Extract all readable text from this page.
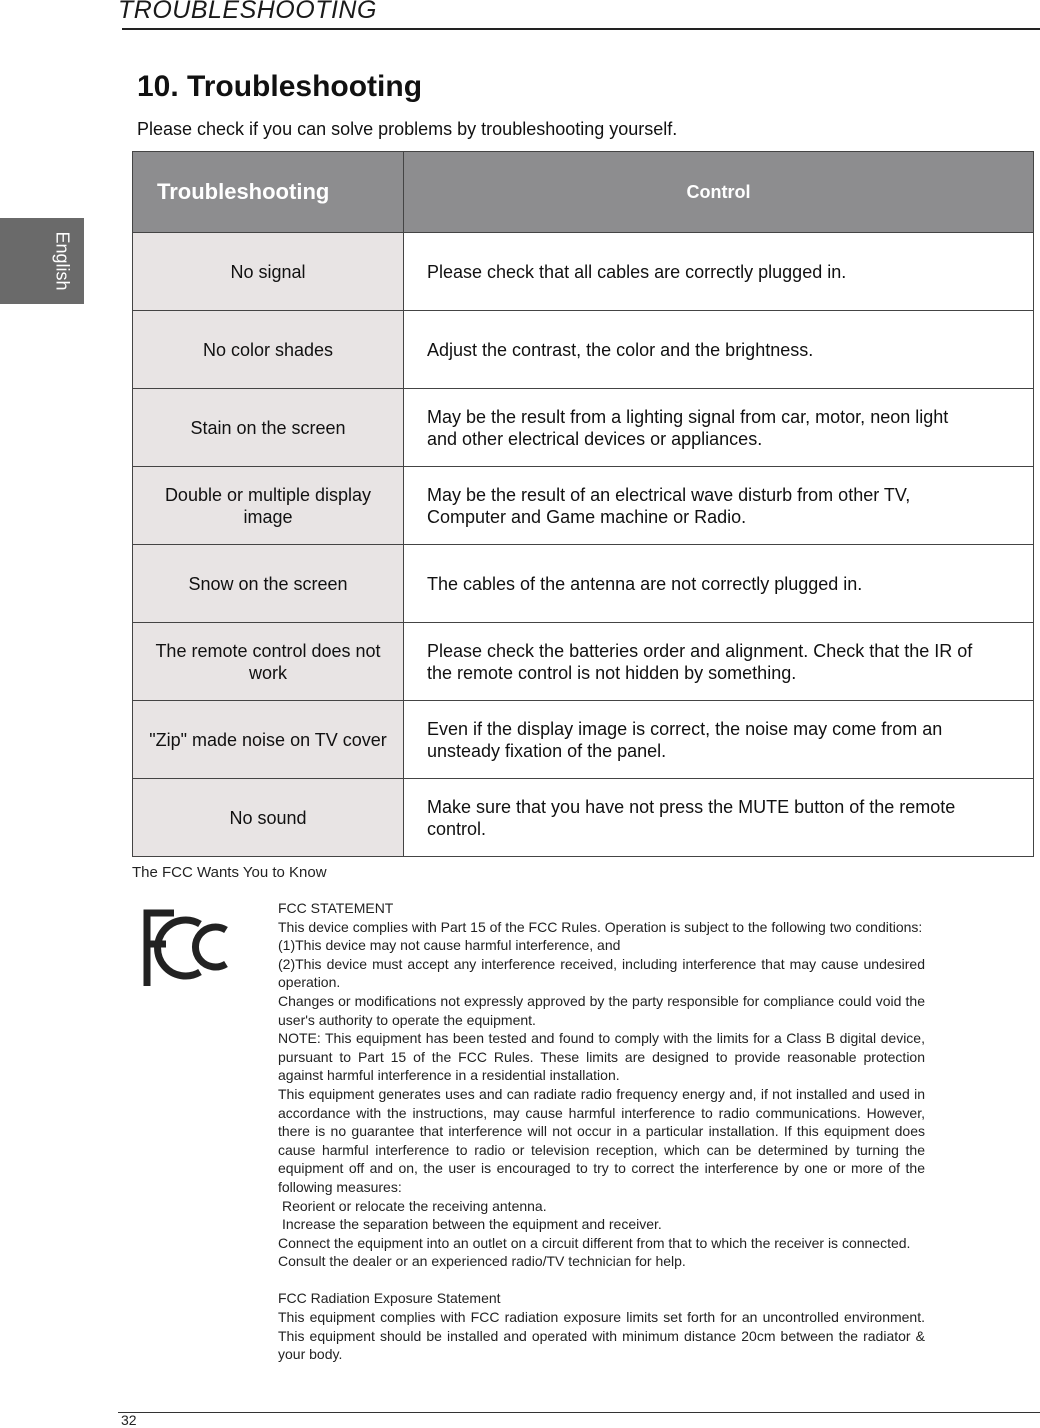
TROUBLESHOOTING
English
10. Troubleshooting
Please check if you can solve problems by troubleshooting yourself.
Troubleshooting	Control
No signal	Please check that all cables are correctly plugged in.
No color shades	Adjust the contrast, the color and the brightness.
Stain on the screen	May be the result from a lighting signal from car, motor, neon light and other electrical devices or appliances.
Double or multiple display image	May be the result of an electrical wave disturb from other TV, Computer and Game machine or Radio.
Snow on the screen	The cables of the antenna are not correctly plugged in.
The remote control does not work	Please check the batteries order and alignment. Check that the IR of the remote control is not hidden by something.
"Zip" made noise on TV cover	Even if the display image is correct, the noise may come from an unsteady fixation of the panel.
No sound	Make sure that you have not press the MUTE button of the remote control.
The FCC Wants You to Know

FCC STATEMENT

This device complies with Part 15 of the FCC Rules. Operation is subject to the following two conditions:

(1)This device may not cause harmful interference, and

(2)This device must accept any interference received, including interference that may cause undesired operation.

Changes or modifications not expressly approved by the party responsible for compliance could void the user's authority to operate the equipment.

NOTE: This equipment has been tested and found to comply with the limits for a Class B digital device, pursuant to Part 15 of the FCC Rules. These limits are designed to provide reasonable protection against harmful interference in a residential installation.

This equipment generates uses and can radiate radio frequency energy and, if not installed and used in accordance with the instructions, may cause harmful interference to radio communications. However, there is no guarantee that interference will not occur in a particular installation. If this equipment does cause harmful interference to radio or television reception, which can be determined by turning the equipment off and on, the user is encouraged to try to correct the interference by one or more of the following measures:

Reorient or relocate the receiving antenna.

Increase the separation between the equipment and receiver.

Connect the equipment into an outlet on a circuit different from that to which the receiver is connected.

Consult the dealer or an experienced radio/TV technician for help.

FCC Radiation Exposure Statement

This equipment complies with FCC radiation exposure limits set forth for an uncontrolled environment. This equipment should be installed and operated with minimum distance 20cm between the radiator & your body.

32
